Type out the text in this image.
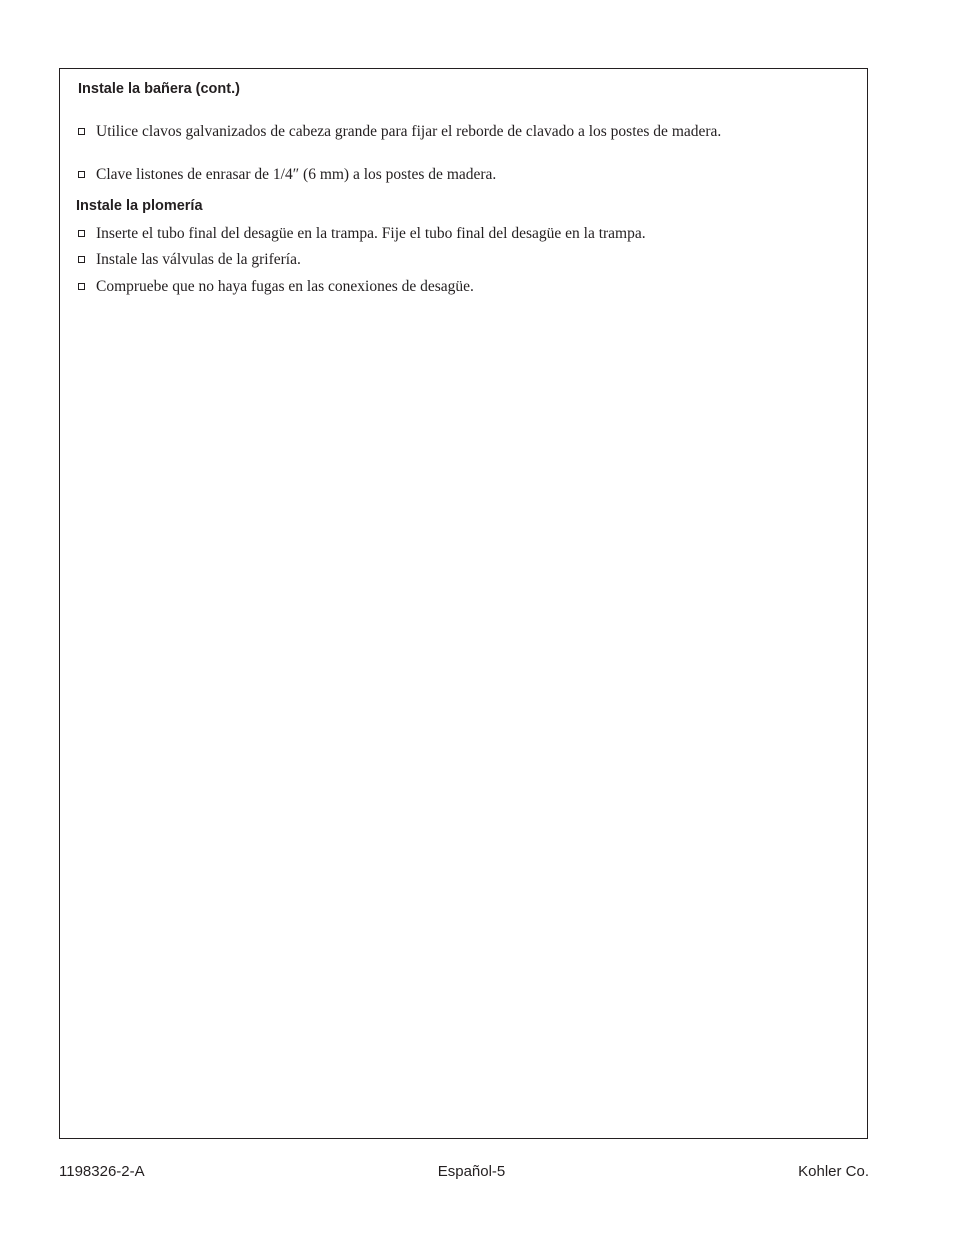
Instale la bañera (cont.)
Utilice clavos galvanizados de cabeza grande para fijar el reborde de clavado a los postes de madera.
Clave listones de enrasar de 1/4″ (6 mm) a los postes de madera.
Instale la plomería
Inserte el tubo final del desagüe en la trampa. Fije el tubo final del desagüe en la trampa.
Instale las válvulas de la grifería.
Compruebe que no haya fugas en las conexiones de desagüe.
1198326-2-A	Español-5	Kohler Co.
